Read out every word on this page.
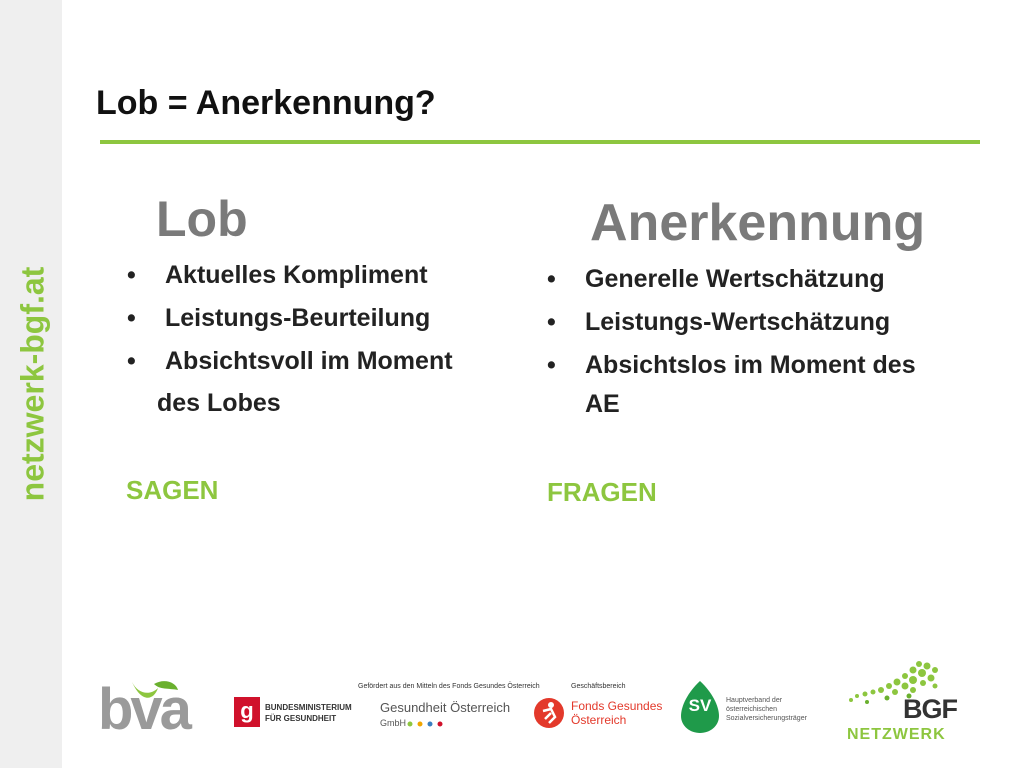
netzwerk-bgf.at
Lob = Anerkennung?
Lob
• Aktuelles Kompliment
• Leistungs-Beurteilung
• Absichtsvoll im Moment
des Lobes
SAGEN
Anerkennung
• Generelle Wertschätzung
• Leistungs-Wertschätzung
• Absichtslos im Moment des
AE
FRAGEN
bva g	BUNDESMINISTERIUM
FÜR GESUNDHEIT
Gefördert aus den Mitteln des Fonds Gesundes Österreich
Gesundheit Österreich
GmbH
Geschäftsbereich
Fonds Gesundes
Österreich
SV	Hauptverband der
österreichischen
Sozialversicherungsträger	BGF
NETZWERK
